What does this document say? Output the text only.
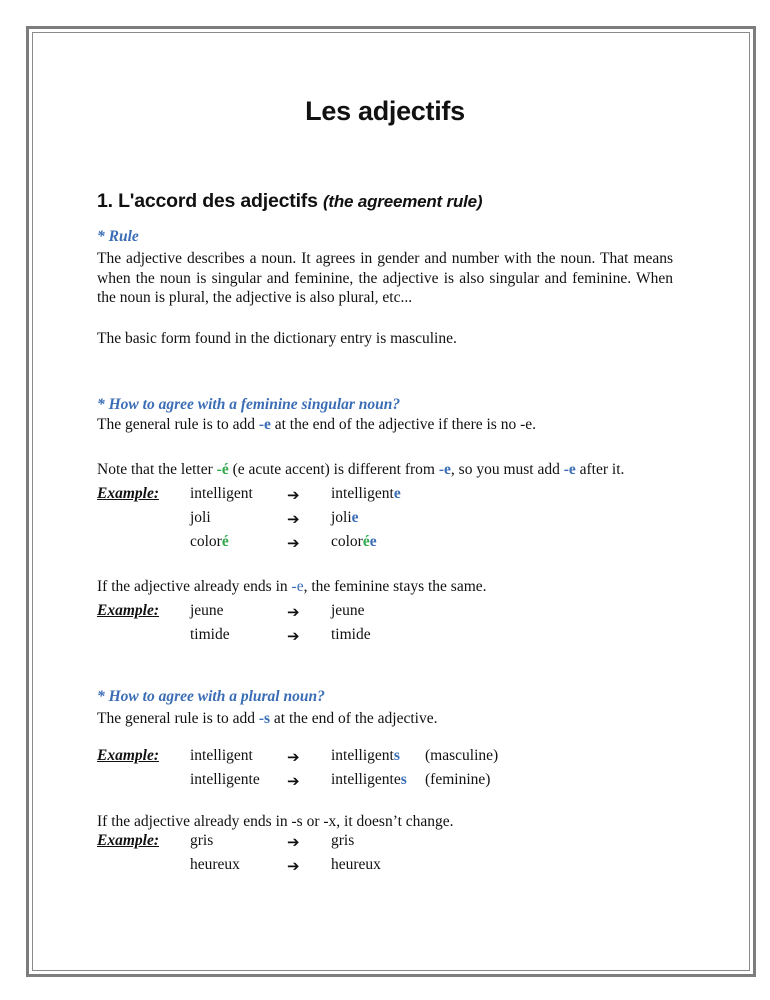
Les adjectifs
1. L'accord des adjectifs (the agreement rule)
* Rule
The adjective describes a noun. It agrees in gender and number with the noun. That means when the noun is singular and feminine, the adjective is also singular and feminine. When the noun is plural, the adjective is also plural, etc...
The basic form found in the dictionary entry is masculine.
* How to agree with a feminine singular noun?
The general rule is to add -e at the end of the adjective if there is no -e.
Note that the letter -é (e acute accent) is different from -e, so you must add -e after it.
Example: intelligent ➔ intelligente
joli	➔ jolie
coloré	➔ colorée
If the adjective already ends in -e, the feminine stays the same.
Example: jeune	➔ jeune
timide	➔ timide
* How to agree with a plural noun?
The general rule is to add -s at the end of the adjective.
Example: intelligent ➔ intelligents (masculine)
intelligente ➔ intelligentes (feminine)
If the adjective already ends in -s or -x, it doesn’t change.
Example: gris	➔ gris
heureux	➔ heureux
